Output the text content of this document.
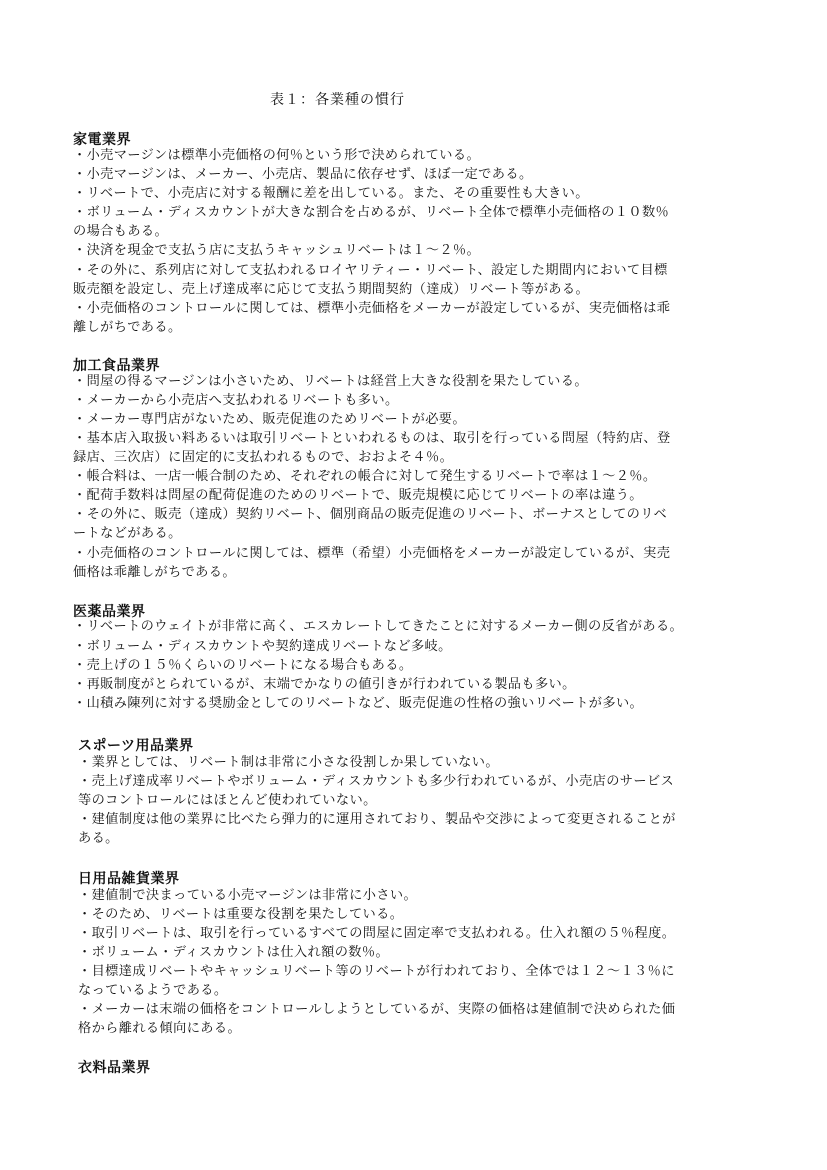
表１：各業種の慣行
家電業界
・小売マージンは標準小売価格の何％という形で決められている。
・小売マージンは、メーカー、小売店、製品に依存せず、ほぼ一定である。
・リベートで、小売店に対する報酬に差を出している。また、その重要性も大きい。
・ボリューム・ディスカウントが大きな割合を占めるが、リベート全体で標準小売価格の１０数％
の場合もある。
・決済を現金で支払う店に支払うキャッシュリベートは１～２％。
・その外に、系列店に対して支払われるロイヤリティー・リベート、設定した期間内において目標
販売額を設定し、売上げ達成率に応じて支払う期間契約（達成）リベート等がある。
・小売価格のコントロールに関しては、標準小売価格をメーカーが設定しているが、実売価格は乖
離しがちである。
加工食品業界
・問屋の得るマージンは小さいため、リベートは経営上大きな役割を果たしている。
・メーカーから小売店へ支払われるリベートも多い。
・メーカー専門店がないため、販売促進のためリベートが必要。
・基本店入取扱い料あるいは取引リベートといわれるものは、取引を行っている問屋（特約店、登
録店、三次店）に固定的に支払われるもので、おおよそ４％。
・帳合料は、一店一帳合制のため、それぞれの帳合に対して発生するリベートで率は１～２％。
・配荷手数料は問屋の配荷促進のためのリベートで、販売規模に応じてリベートの率は違う。
・その外に、販売（達成）契約リベート、個別商品の販売促進のリベート、ボーナスとしてのリベ
ートなどがある。
・小売価格のコントロールに関しては、標準（希望）小売価格をメーカーが設定しているが、実売
価格は乖離しがちである。
医薬品業界
・リベートのウェイトが非常に高く、エスカレートしてきたことに対するメーカー側の反省がある。
・ボリューム・ディスカウントや契約達成リベートなど多岐。
・売上げの１５％くらいのリベートになる場合もある。
・再販制度がとられているが、末端でかなりの値引きが行われている製品も多い。
・山積み陳列に対する奨励金としてのリベートなど、販売促進の性格の強いリベートが多い。
スポーツ用品業界
・業界としては、リベート制は非常に小さな役割しか果していない。
・売上げ達成率リベートやボリューム・ディスカウントも多少行われているが、小売店のサービス
等のコントロールにはほとんど使われていない。
・建値制度は他の業界に比べたら弾力的に運用されており、製品や交渉によって変更されることが
ある。
日用品雑貨業界
・建値制で決まっている小売マージンは非常に小さい。
・そのため、リベートは重要な役割を果たしている。
・取引リベートは、取引を行っているすべての問屋に固定率で支払われる。仕入れ額の５％程度。
・ボリューム・ディスカウントは仕入れ額の数％。
・目標達成リベートやキャッシュリベート等のリベートが行われており、全体では１２～１３％に
なっているようである。
・メーカーは末端の価格をコントロールしようとしているが、実際の価格は建値制で決められた価
格から離れる傾向にある。
衣料品業界
